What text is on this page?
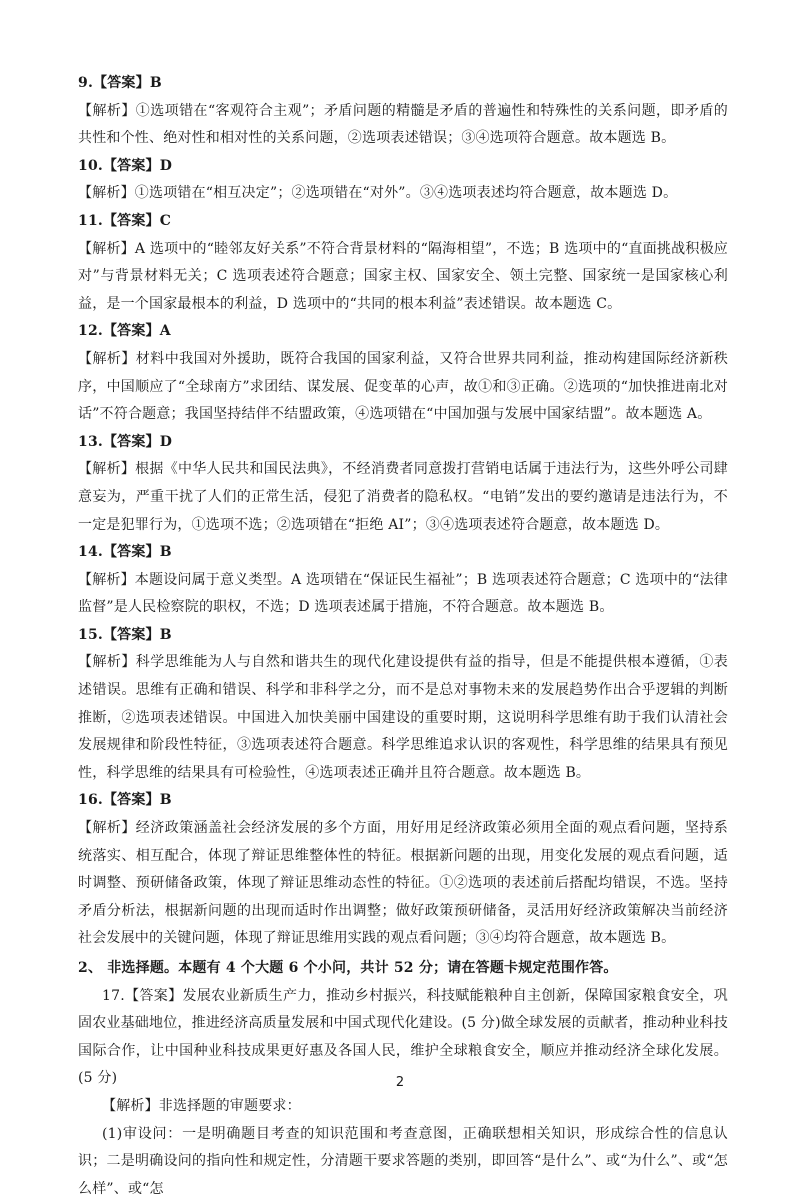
9.【答案】B

【解析】①选项错在“客观符合主观”；矛盾问题的精髓是矛盾的普遍性和特殊性的关系问题，即矛盾的共性和个性、绝对性和相对性的关系问题，②选项表述错误；③④选项符合题意。故本题选 B。

10.【答案】D

【解析】①选项错在“相互决定”；②选项错在“对外”。③④选项表述均符合题意，故本题选 D。

11.【答案】C

【解析】A 选项中的“睦邻友好关系”不符合背景材料的“隔海相望”，不选；B 选项中的“直面挑战积极应对”与背景材料无关；C 选项表述符合题意；国家主权、国家安全、领土完整、国家统一是国家核心利益，是一个国家最根本的利益，D 选项中的“共同的根本利益”表述错误。故本题选 C。

12.【答案】A

【解析】材料中我国对外援助，既符合我国的国家利益，又符合世界共同利益，推动构建国际经济新秩序，中国顺应了“全球南方”求团结、谋发展、促变革的心声，故①和③正确。②选项的“加快推进南北对话”不符合题意；我国坚持结伴不结盟政策，④选项错在“中国加强与发展中国家结盟”。故本题选 A。

13.【答案】D

【解析】根据《中华人民共和国民法典》，不经消费者同意拨打营销电话属于违法行为，这些外呼公司肆意妄为，严重干扰了人们的正常生活，侵犯了消费者的隐私权。“电销”发出的要约邀请是违法行为，不一定是犯罪行为，①选项不选；②选项错在“拒绝 AI”；③④选项表述符合题意，故本题选 D。

14.【答案】B

【解析】本题设问属于意义类型。A 选项错在“保证民生福祉”；B 选项表述符合题意；C 选项中的“法律监督”是人民检察院的职权，不选；D 选项表述属于措施，不符合题意。故本题选 B。

15.【答案】B

【解析】科学思维能为人与自然和谐共生的现代化建设提供有益的指导，但是不能提供根本遵循，①表述错误。思维有正确和错误、科学和非科学之分，而不是总对事物未来的发展趋势作出合乎逻辑的判断推断，②选项表述错误。中国进入加快美丽中国建设的重要时期，这说明科学思维有助于我们认清社会发展规律和阶段性特征，③选项表述符合题意。科学思维追求认识的客观性，科学思维的结果具有预见性，科学思维的结果具有可检验性，④选项表述正确并且符合题意。故本题选 B。

16.【答案】B

【解析】经济政策涵盖社会经济发展的多个方面，用好用足经济政策必须用全面的观点看问题，坚持系统落实、相互配合，体现了辩证思维整体性的特征。根据新问题的出现，用变化发展的观点看问题，适时调整、预研储备政策，体现了辩证思维动态性的特征。①②选项的表述前后搭配均错误，不选。坚持矛盾分析法，根据新问题的出现而适时作出调整；做好政策预研储备，灵活用好经济政策解决当前经济社会发展中的关键问题，体现了辩证思维用实践的观点看问题；③④均符合题意，故本题选 B。

2、 非选择题。本题有 4 个大题 6 个小问，共计 52 分；请在答题卡规定范围作答。

17.【答案】发展农业新质生产力，推动乡村振兴，科技赋能粮种自主创新，保障国家粮食安全，巩固农业基础地位，推进经济高质量发展和中国式现代化建设。(5 分)做全球发展的贡献者，推动种业科技国际合作，让中国种业科技成果更好惠及各国人民，维护全球粮食安全，顺应并推动经济全球化发展。(5 分)

【解析】非选择题的审题要求：

(1)审设问：一是明确题目考查的知识范围和考查意图，正确联想相关知识，形成综合性的信息认识；二是明确设问的指向性和规定性，分清题干要求答题的类别，即回答“是什么”、或“为什么”、或“怎么样”、或“怎

2
